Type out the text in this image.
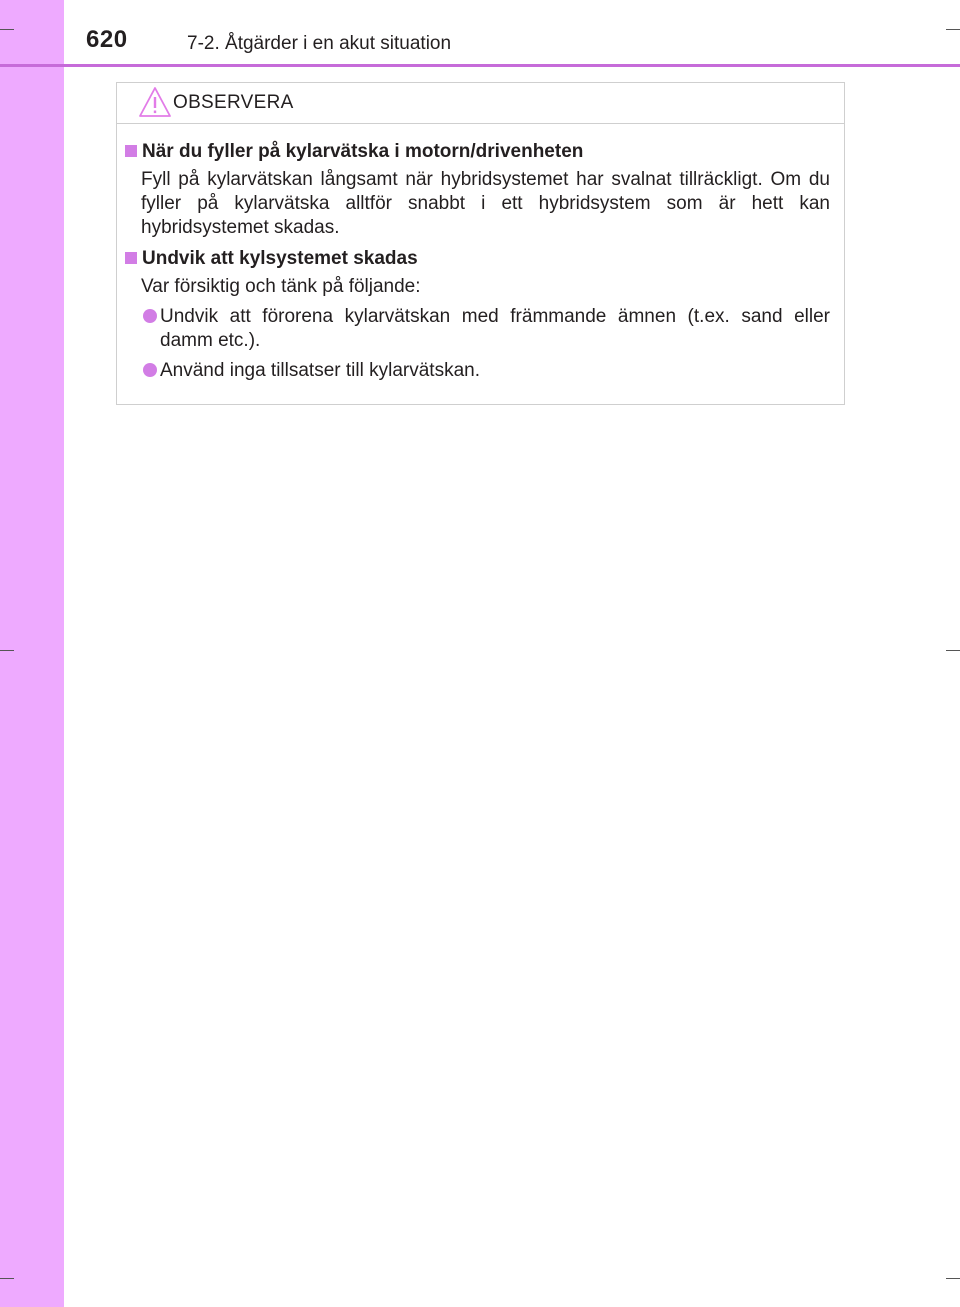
620	7-2. Åtgärder i en akut situation
OBSERVERA
När du fyller på kylarvätska i motorn/drivenheten
Fyll på kylarvätskan långsamt när hybridsystemet har svalnat tillräckligt. Om du fyller på kylarvätska alltför snabbt i ett hybridsystem som är hett kan hybridsystemet skadas.
Undvik att kylsystemet skadas
Var försiktig och tänk på följande:
Undvik att förorena kylarvätskan med främmande ämnen (t.ex. sand eller damm etc.).
Använd inga tillsatser till kylarvätskan.
